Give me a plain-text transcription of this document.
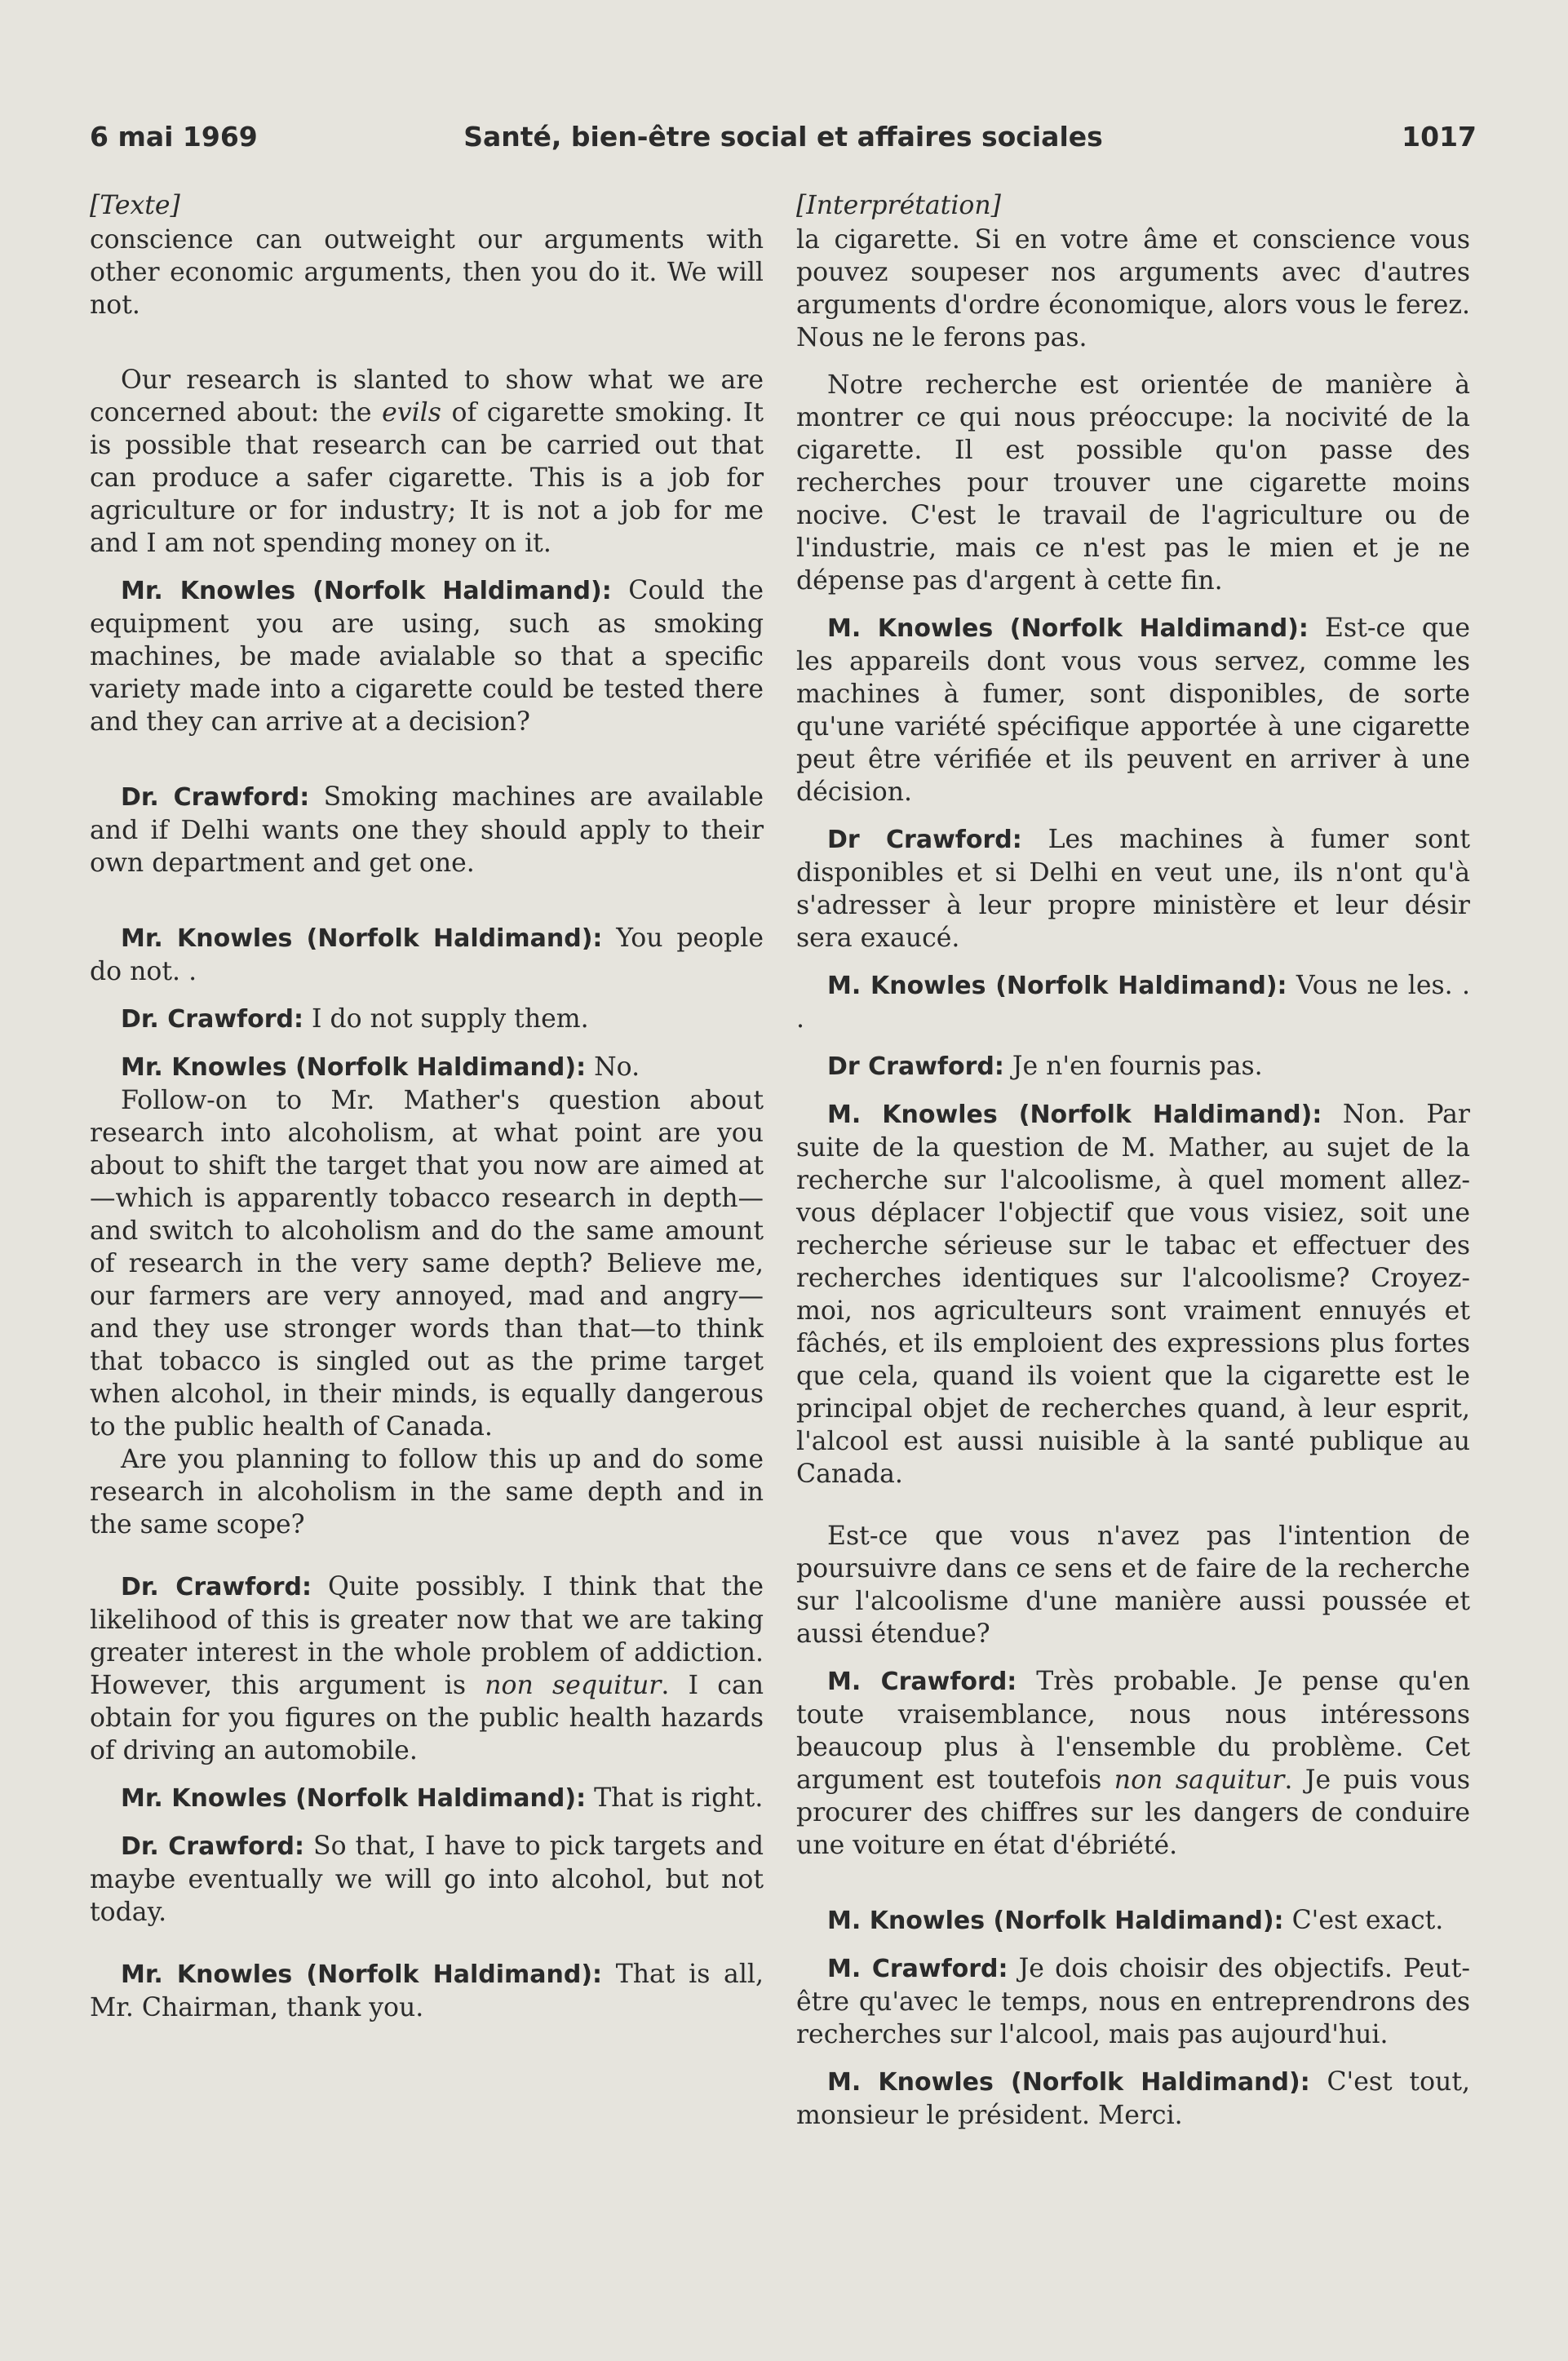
6 mai 1969	Santé, bien-être social et affaires sociales	1017
[Texte]

conscience can outweight our arguments with other economic arguments, then you do it. We will not.

Our research is slanted to show what we are concerned about: the evils of cigarette smoking. It is possible that research can be carried out that can produce a safer cigarette. This is a job for agriculture or for industry; It is not a job for me and I am not spending money on it.

Mr. Knowles (Norfolk Haldimand): Could the equipment you are using, such as smoking machines, be made avialable so that a specific variety made into a cigarette could be tested there and they can arrive at a decision?

Dr. Crawford: Smoking machines are available and if Delhi wants one they should apply to their own department and get one.

Mr. Knowles (Norfolk Haldimand): You people do not. .

Dr. Crawford: I do not supply them.

Mr. Knowles (Norfolk Haldimand): No.

Follow-on to Mr. Mather's question about research into alcoholism, at what point are you about to shift the target that you now are aimed at—which is apparently tobacco research in depth—and switch to alcoholism and do the same amount of research in the very same depth? Believe me, our farmers are very annoyed, mad and angry—and they use stronger words than that—to think that tobacco is singled out as the prime target when alcohol, in their minds, is equally dangerous to the public health of Canada.

Are you planning to follow this up and do some research in alcoholism in the same depth and in the same scope?

Dr. Crawford: Quite possibly. I think that the likelihood of this is greater now that we are taking greater interest in the whole problem of addiction. However, this argument is non sequitur. I can obtain for you figures on the public health hazards of driving an automobile.

Mr. Knowles (Norfolk Haldimand): That is right.

Dr. Crawford: So that, I have to pick targets and maybe eventually we will go into alcohol, but not today.

Mr. Knowles (Norfolk Haldimand): That is all, Mr. Chairman, thank you.

[Interprétation]

la cigarette. Si en votre âme et conscience vous pouvez soupeser nos arguments avec d'autres arguments d'ordre économique, alors vous le ferez. Nous ne le ferons pas.

Notre recherche est orientée de manière à montrer ce qui nous préoccupe: la nocivité de la cigarette. Il est possible qu'on passe des recherches pour trouver une cigarette moins nocive. C'est le travail de l'agriculture ou de l'industrie, mais ce n'est pas le mien et je ne dépense pas d'argent à cette fin.

M. Knowles (Norfolk Haldimand): Est-ce que les appareils dont vous vous servez, comme les machines à fumer, sont disponibles, de sorte qu'une variété spécifique apportée à une cigarette peut être vérifiée et ils peuvent en arriver à une décision.

Dr Crawford: Les machines à fumer sont disponibles et si Delhi en veut une, ils n'ont qu'à s'adresser à leur propre ministère et leur désir sera exaucé.

M. Knowles (Norfolk Haldimand): Vous ne les. . .

Dr Crawford: Je n'en fournis pas.

M. Knowles (Norfolk Haldimand): Non. Par suite de la question de M. Mather, au sujet de la recherche sur l'alcoolisme, à quel moment allez-vous déplacer l'objectif que vous visiez, soit une recherche sérieuse sur le tabac et effectuer des recherches identiques sur l'alcoolisme? Croyez-moi, nos agriculteurs sont vraiment ennuyés et fâchés, et ils emploient des expressions plus fortes que cela, quand ils voient que la cigarette est le principal objet de recherches quand, à leur esprit, l'alcool est aussi nuisible à la santé publique au Canada.

Est-ce que vous n'avez pas l'intention de poursuivre dans ce sens et de faire de la recherche sur l'alcoolisme d'une manière aussi poussée et aussi étendue?

M. Crawford: Très probable. Je pense qu'en toute vraisemblance, nous nous intéressons beaucoup plus à l'ensemble du problème. Cet argument est toutefois non saquitur. Je puis vous procurer des chiffres sur les dangers de conduire une voiture en état d'ébriété.

M. Knowles (Norfolk Haldimand): C'est exact.

M. Crawford: Je dois choisir des objectifs. Peut-être qu'avec le temps, nous en entreprendrons des recherches sur l'alcool, mais pas aujourd'hui.

M. Knowles (Norfolk Haldimand): C'est tout, monsieur le président. Merci.
